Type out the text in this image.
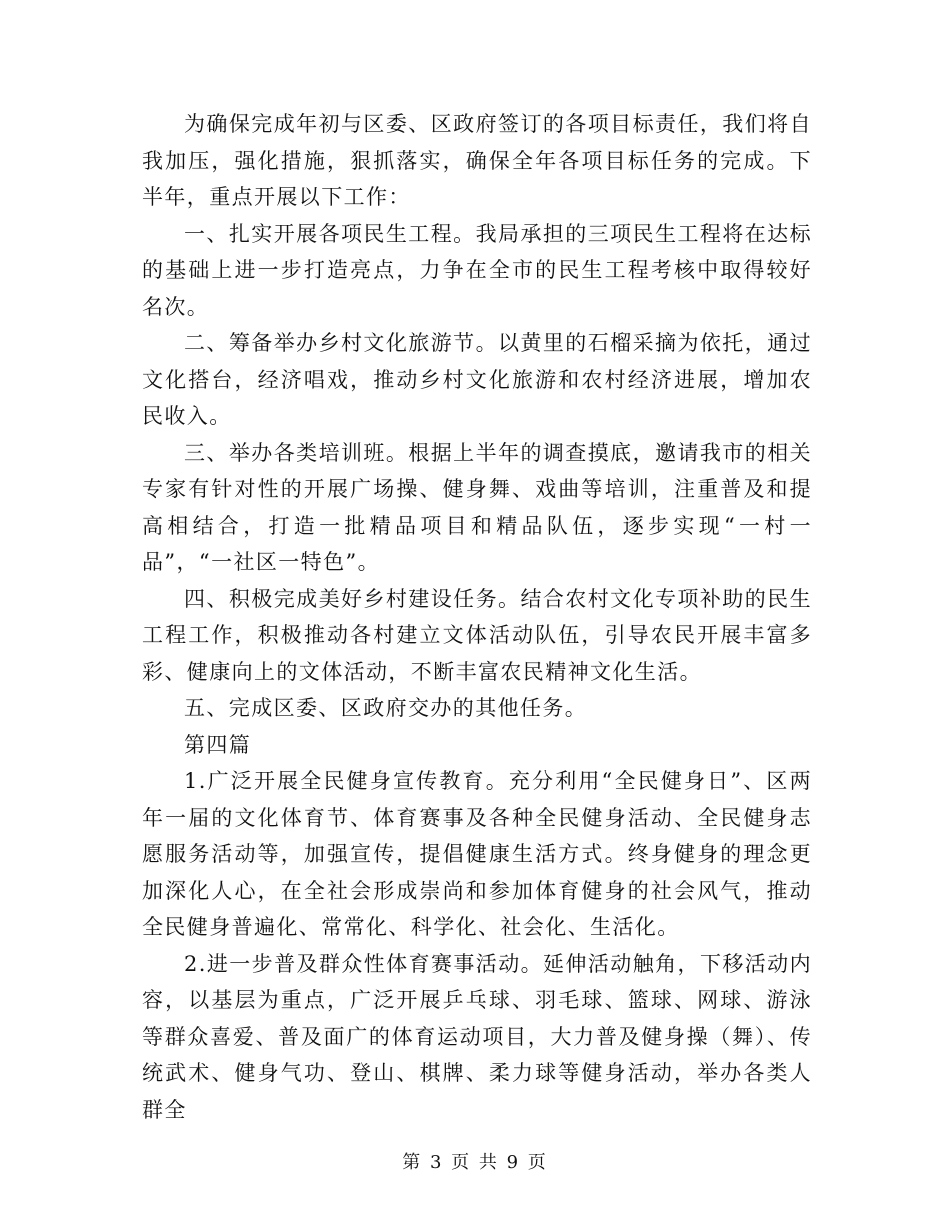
为确保完成年初与区委、区政府签订的各项目标责任，我们将自我加压，强化措施，狠抓落实，确保全年各项目标任务的完成。下半年，重点开展以下工作：

一、扎实开展各项民生工程。我局承担的三项民生工程将在达标的基础上进一步打造亮点，力争在全市的民生工程考核中取得较好名次。

二、筹备举办乡村文化旅游节。以黄里的石榴采摘为依托，通过文化搭台，经济唱戏，推动乡村文化旅游和农村经济进展，增加农民收入。

三、举办各类培训班。根据上半年的调查摸底，邀请我市的相关专家有针对性的开展广场操、健身舞、戏曲等培训，注重普及和提高相结合，打造一批精品项目和精品队伍，逐步实现“一村一品”，“一社区一特色”。

四、积极完成美好乡村建设任务。结合农村文化专项补助的民生工程工作，积极推动各村建立文体活动队伍，引导农民开展丰富多彩、健康向上的文体活动，不断丰富农民精神文化生活。

五、完成区委、区政府交办的其他任务。

第四篇

1.广泛开展全民健身宣传教育。充分利用“全民健身日”、区两年一届的文化体育节、体育赛事及各种全民健身活动、全民健身志愿服务活动等，加强宣传，提倡健康生活方式。终身健身的理念更加深化人心，在全社会形成崇尚和参加体育健身的社会风气，推动全民健身普遍化、常常化、科学化、社会化、生活化。

2.进一步普及群众性体育赛事活动。延伸活动触角，下移活动内容，以基层为重点，广泛开展乒乓球、羽毛球、篮球、网球、游泳等群众喜爱、普及面广的体育运动项目，大力普及健身操（舞）、传统武术、健身气功、登山、棋牌、柔力球等健身活动，举办各类人群全

第 3 页 共 9 页
